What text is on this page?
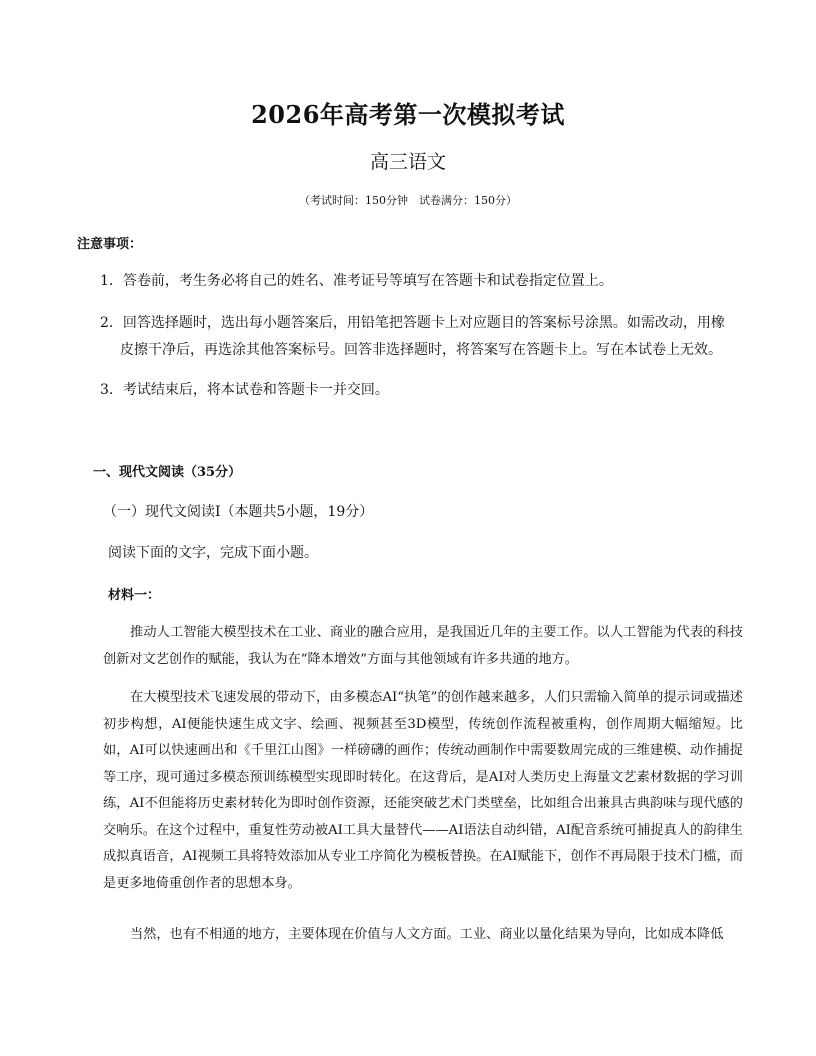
2026年高考第一次模拟考试
高三语文
（考试时间：150分钟　试卷满分：150分）
注意事项：
1．答卷前，考生务必将自己的姓名、准考证号等填写在答题卡和试卷指定位置上。
2．回答选择题时，选出每小题答案后，用铅笔把答题卡上对应题目的答案标号涂黑。如需改动，用橡
皮擦干净后，再选涂其他答案标号。回答非选择题时，将答案写在答题卡上。写在本试卷上无效。
3．考试结束后，将本试卷和答题卡一并交回。
一、现代文阅读（35分）
（一）现代文阅读Ⅰ（本题共5小题，19分）
阅读下面的文字，完成下面小题。
材料一：
推动人工智能大模型技术在工业、商业的融合应用，是我国近几年的主要工作。以人工智能为代表的科技创新对文艺创作的赋能，我认为在“降本增效”方面与其他领域有许多共通的地方。
在大模型技术飞速发展的带动下，由多模态AI“执笔”的创作越来越多，人们只需输入简单的提示词或描述初步构想，AI便能快速生成文字、绘画、视频甚至3D模型，传统创作流程被重构，创作周期大幅缩短。比如，AI可以快速画出和《千里江山图》一样磅礴的画作；传统动画制作中需要数周完成的三维建模、动作捕捉等工序，现可通过多模态预训练模型实现即时转化。在这背后，是AI对人类历史上海量文艺素材数据的学习训练，AI不但能将历史素材转化为即时创作资源，还能突破艺术门类壁垒，比如组合出兼具古典韵味与现代感的交响乐。在这个过程中，重复性劳动被AI工具大量替代——AI语法自动纠错，AI配音系统可捕捉真人的韵律生成拟真语音，AI视频工具将特效添加从专业工序简化为模板替换。在AI赋能下，创作不再局限于技术门槛，而是更多地倚重创作者的思想本身。
当然，也有不相通的地方，主要体现在价值与人文方面。工业、商业以量化结果为导向，比如成本降低
